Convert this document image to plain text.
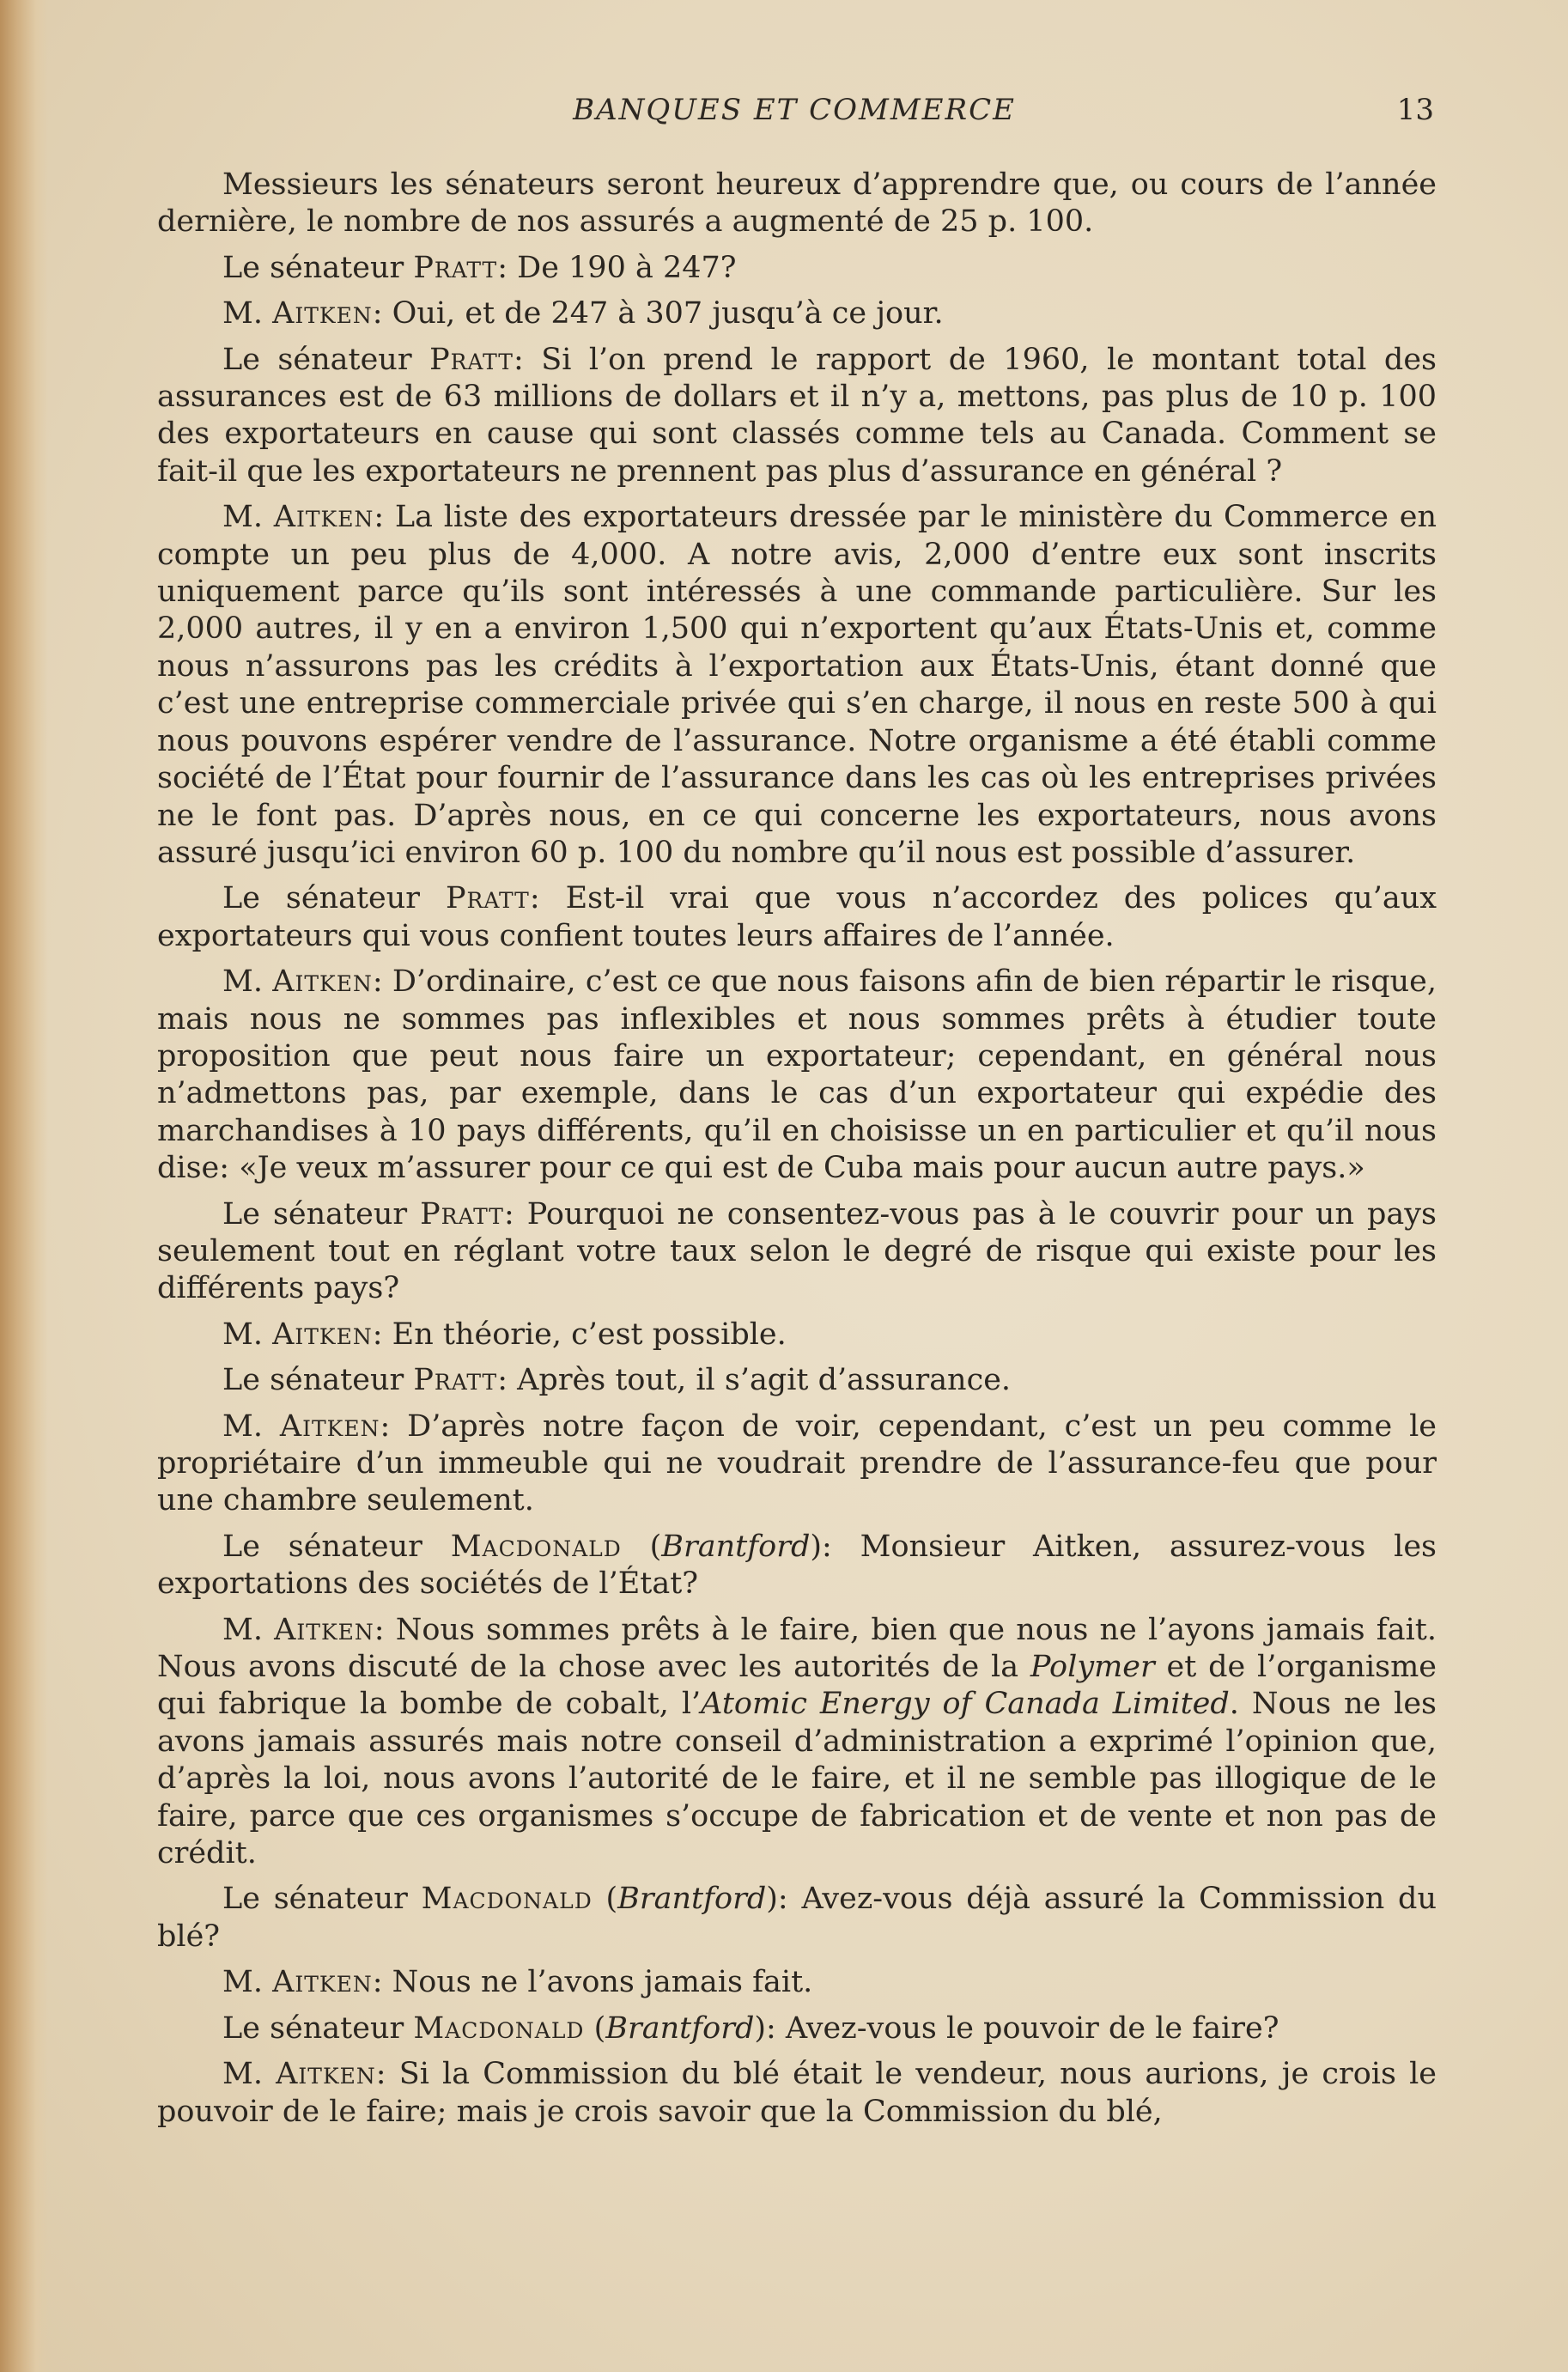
BANQUES ET COMMERCE	13

Messieurs les sénateurs seront heureux d’apprendre que, ou cours de l’année dernière, le nombre de nos assurés a augmenté de 25 p. 100.

Le sénateur Pratt: De 190 à 247?

M. Aitken: Oui, et de 247 à 307 jusqu’à ce jour.

Le sénateur Pratt: Si l’on prend le rapport de 1960, le montant total des assurances est de 63 millions de dollars et il n’y a, mettons, pas plus de 10 p. 100 des exportateurs en cause qui sont classés comme tels au Canada. Comment se fait-il que les exportateurs ne prennent pas plus d’assurance en général ?

M. Aitken: La liste des exportateurs dressée par le ministère du Commerce en compte un peu plus de 4,000. A notre avis, 2,000 d’entre eux sont inscrits uniquement parce qu’ils sont intéressés à une commande particulière. Sur les 2,000 autres, il y en a environ 1,500 qui n’exportent qu’aux États-Unis et, comme nous n’assurons pas les crédits à l’exportation aux États-Unis, étant donné que c’est une entreprise commerciale privée qui s’en charge, il nous en reste 500 à qui nous pouvons espérer vendre de l’assurance. Notre organisme a été établi comme société de l’État pour fournir de l’assurance dans les cas où les entreprises privées ne le font pas. D’après nous, en ce qui concerne les exportateurs, nous avons assuré jusqu’ici environ 60 p. 100 du nombre qu’il nous est possible d’assurer.

Le sénateur Pratt: Est-il vrai que vous n’accordez des polices qu’aux exportateurs qui vous confient toutes leurs affaires de l’année.

M. Aitken: D’ordinaire, c’est ce que nous faisons afin de bien répartir le risque, mais nous ne sommes pas inflexibles et nous sommes prêts à étudier toute proposition que peut nous faire un exportateur; cependant, en général nous n’admettons pas, par exemple, dans le cas d’un exportateur qui expédie des marchandises à 10 pays différents, qu’il en choisisse un en particulier et qu’il nous dise: «Je veux m’assurer pour ce qui est de Cuba mais pour aucun autre pays.»

Le sénateur Pratt: Pourquoi ne consentez-vous pas à le couvrir pour un pays seulement tout en réglant votre taux selon le degré de risque qui existe pour les différents pays?

M. Aitken: En théorie, c’est possible.

Le sénateur Pratt: Après tout, il s’agit d’assurance.

M. Aitken: D’après notre façon de voir, cependant, c’est un peu comme le propriétaire d’un immeuble qui ne voudrait prendre de l’assurance-feu que pour une chambre seulement.

Le sénateur Macdonald (Brantford): Monsieur Aitken, assurez-vous les exportations des sociétés de l’État?

M. Aitken: Nous sommes prêts à le faire, bien que nous ne l’ayons jamais fait. Nous avons discuté de la chose avec les autorités de la Polymer et de l’organisme qui fabrique la bombe de cobalt, l’Atomic Energy of Canada Limited. Nous ne les avons jamais assurés mais notre conseil d’administration a exprimé l’opinion que, d’après la loi, nous avons l’autorité de le faire, et il ne semble pas illogique de le faire, parce que ces organismes s’occupe de fabrication et de vente et non pas de crédit.

Le sénateur Macdonald (Brantford): Avez-vous déjà assuré la Commission du blé?

M. Aitken: Nous ne l’avons jamais fait.

Le sénateur Macdonald (Brantford): Avez-vous le pouvoir de le faire?

M. Aitken: Si la Commission du blé était le vendeur, nous aurions, je crois le pouvoir de le faire; mais je crois savoir que la Commission du blé,
